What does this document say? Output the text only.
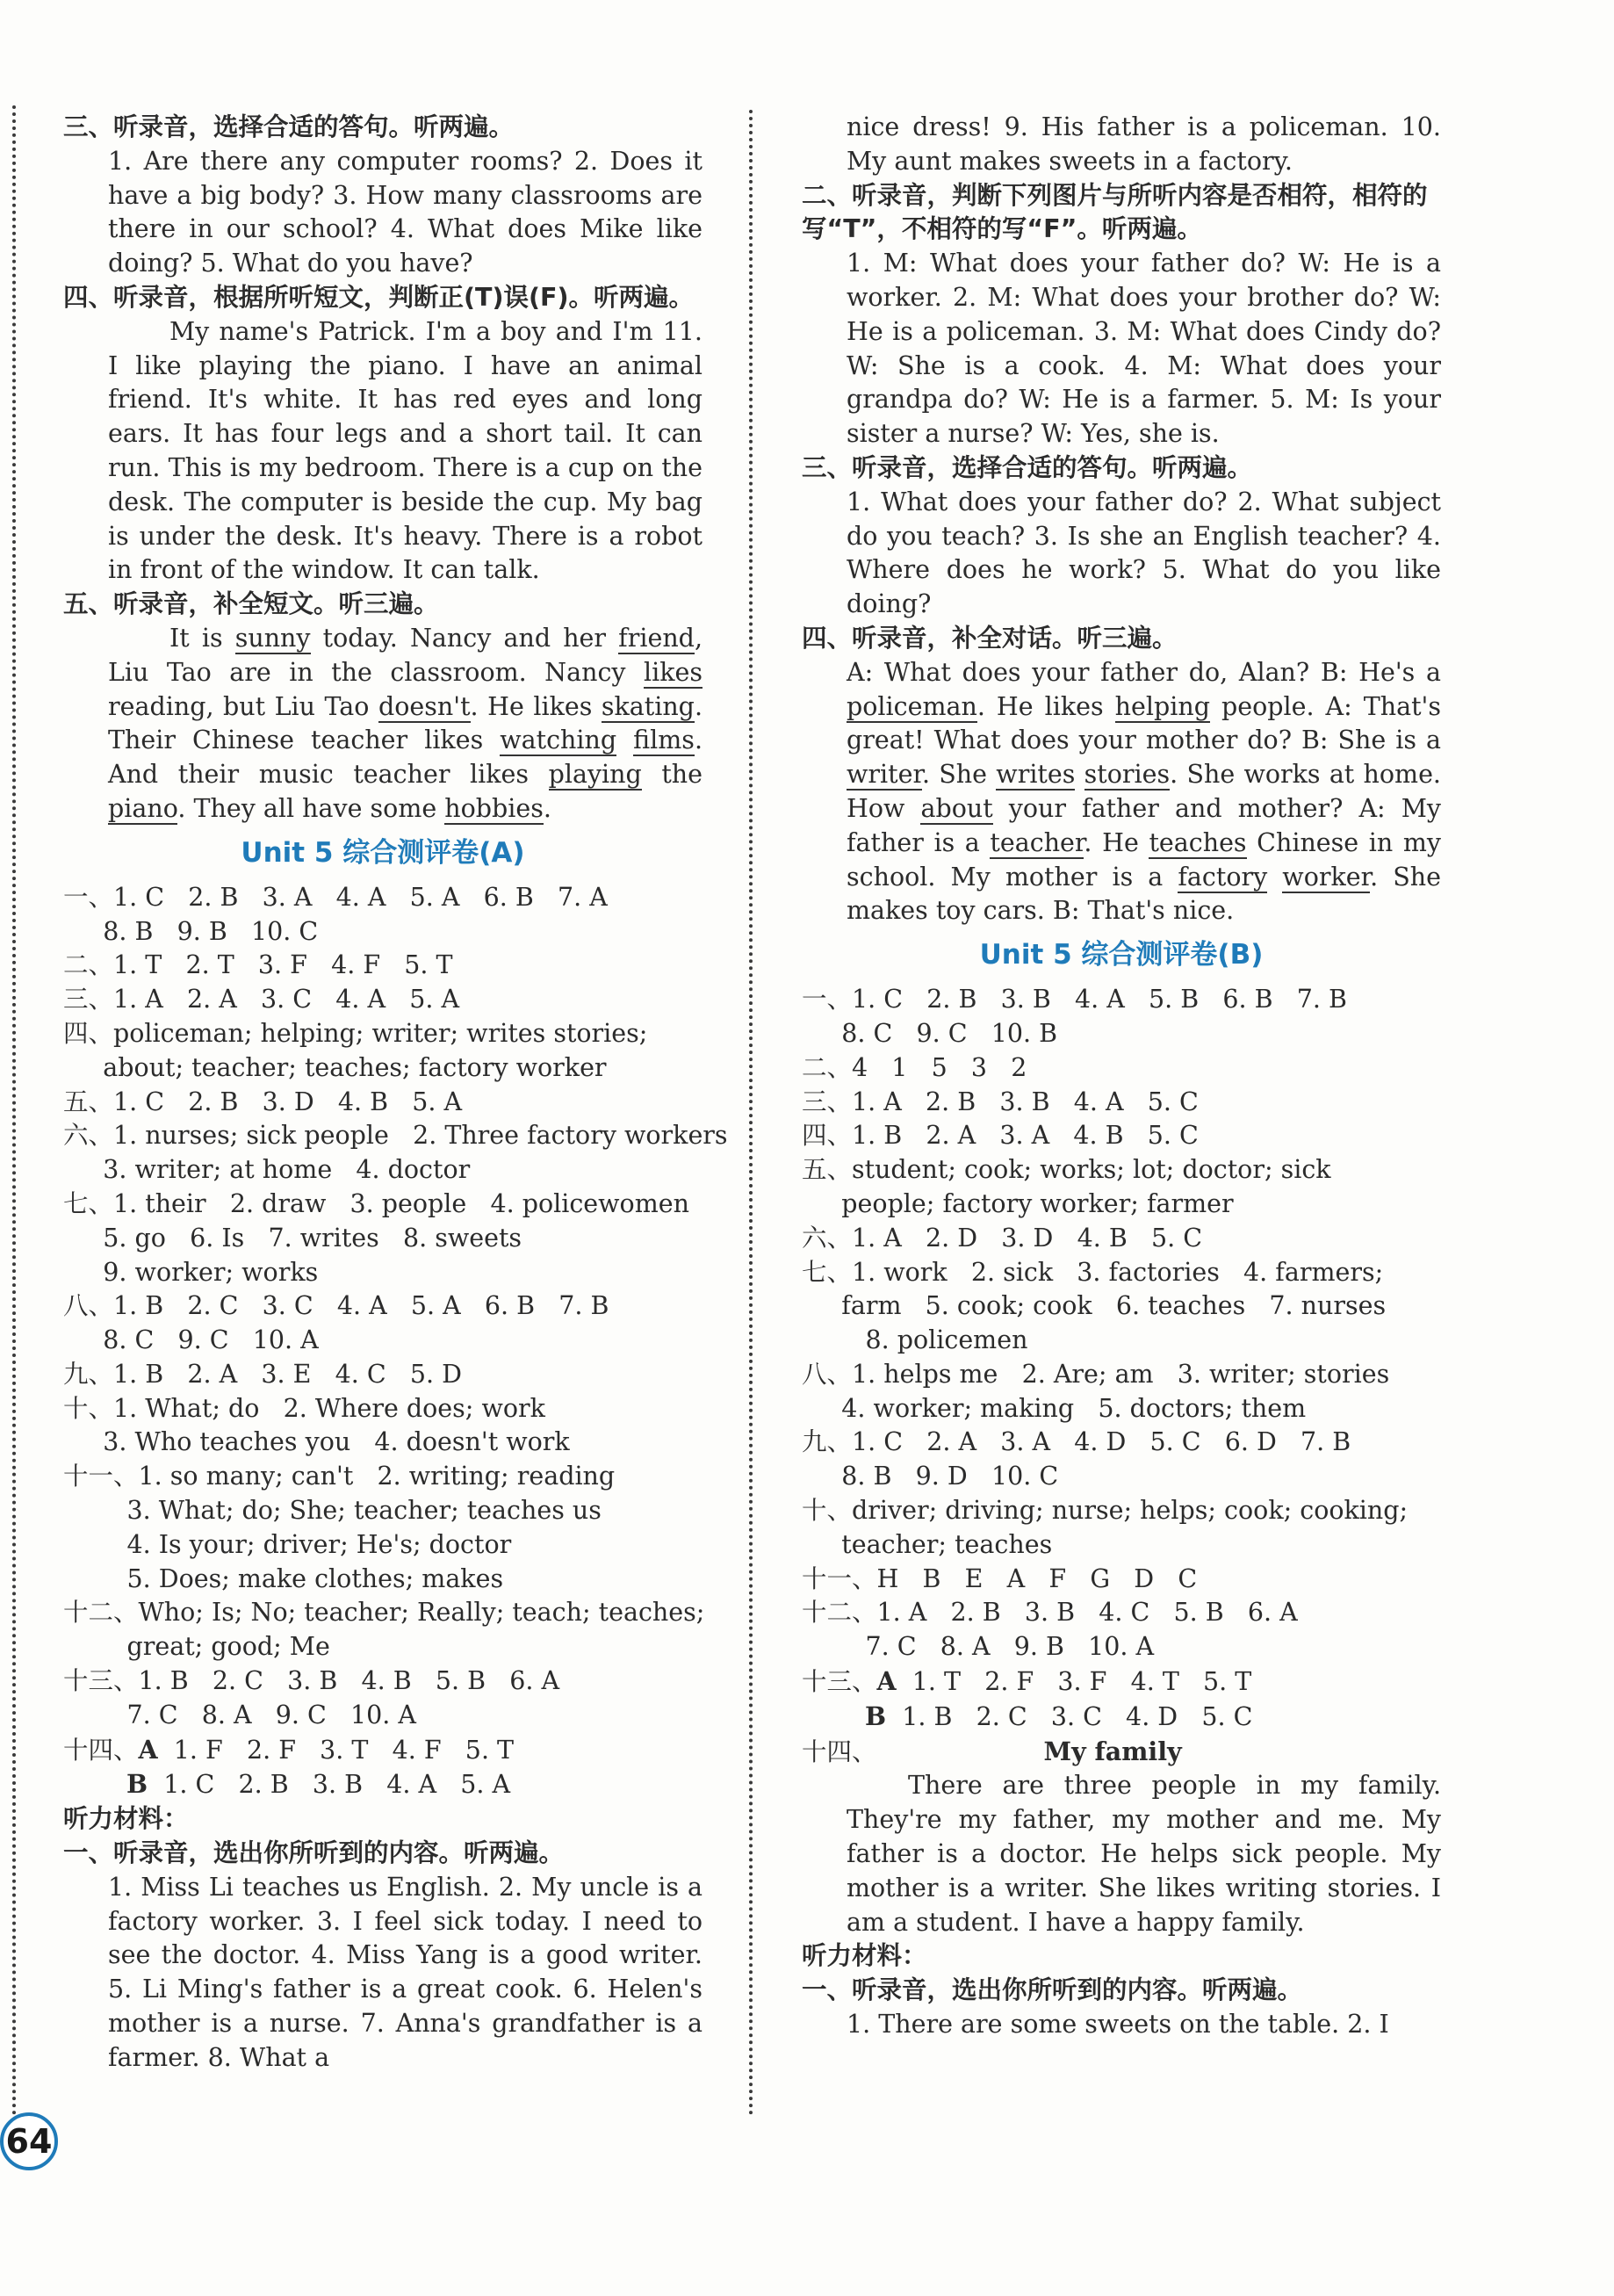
三、听录音，选择合适的答句。听两遍。

1. Are there any computer rooms? 2. Does it have a big body? 3. How many classrooms are there in our school? 4. What does Mike like doing? 5. What do you have?

四、听录音，根据所听短文，判断正(T)误(F)。听两遍。

My name's Patrick. I'm a boy and I'm 11. I like playing the piano. I have an animal friend. It's white. It has red eyes and long ears. It has four legs and a short tail. It can run. This is my bedroom. There is a cup on the desk. The computer is beside the cup. My bag is under the desk. It's heavy. There is a robot in front of the window. It can talk.

五、听录音，补全短文。听三遍。

It is sunny today. Nancy and her friend, Liu Tao are in the classroom. Nancy likes reading, but Liu Tao doesn't. He likes skating. Their Chinese teacher likes watching films. And their music teacher likes playing the piano. They all have some hobbies.

Unit 5 综合测评卷(A)

一、1. C   2. B   3. A   4. A   5. A   6. B   7. A

8. B   9. B   10. C

二、1. T   2. T   3. F   4. F   5. T

三、1. A   2. A   3. C   4. A   5. A

四、policeman; helping; writer; writes stories;

about; teacher; teaches; factory worker

五、1. C   2. B   3. D   4. B   5. A

六、1. nurses; sick people   2. Three factory workers

3. writer; at home   4. doctor

七、1. their   2. draw   3. people   4. policewomen

5. go   6. Is   7. writes   8. sweets

9. worker; works

八、1. B   2. C   3. C   4. A   5. A   6. B   7. B

8. C   9. C   10. A

九、1. B   2. A   3. E   4. C   5. D

十、1. What; do   2. Where does; work

3. Who teaches you   4. doesn't work

十一、1. so many; can't   2. writing; reading

3. What; do; She; teacher; teaches us

4. Is your; driver; He's; doctor

5. Does; make clothes; makes

十二、Who; Is; No; teacher; Really; teach; teaches;

great; good; Me

十三、1. B   2. C   3. B   4. B   5. B   6. A

7. C   8. A   9. C   10. A

十四、A  1. F   2. F   3. T   4. F   5. T

B  1. C   2. B   3. B   4. A   5. A

听力材料：
一、听录音，选出你所听到的内容。听两遍。

1. Miss Li teaches us English. 2. My uncle is a factory worker. 3. I feel sick today. I need to see the doctor. 4. Miss Yang is a good writer. 5. Li Ming's father is a great cook. 6. Helen's mother is a nurse. 7. Anna's grandfather is a farmer. 8. What a

nice dress! 9. His father is a policeman. 10. My aunt makes sweets in a factory.

二、听录音，判断下列图片与所听内容是否相符，相符的写“T”，不相符的写“F”。听两遍。

1. M: What does your father do? W: He is a worker. 2. M: What does your brother do? W: He is a policeman. 3. M: What does Cindy do? W: She is a cook. 4. M: What does your grandpa do? W: He is a farmer. 5. M: Is your sister a nurse? W: Yes, she is.

三、听录音，选择合适的答句。听两遍。

1. What does your father do? 2. What subject do you teach? 3. Is she an English teacher? 4. Where does he work? 5. What do you like doing?

四、听录音，补全对话。听三遍。

A: What does your father do, Alan? B: He's a policeman. He likes helping people. A: That's great! What does your mother do? B: She is a writer. She writes stories. She works at home. How about your father and mother? A: My father is a teacher. He teaches Chinese in my school. My mother is a factory worker. She makes toy cars. B: That's nice.

Unit 5 综合测评卷(B)

一、1. C   2. B   3. B   4. A   5. B   6. B   7. B

8. C   9. C   10. B

二、4   1   5   3   2

三、1. A   2. B   3. B   4. A   5. C

四、1. B   2. A   3. A   4. B   5. C

五、student; cook; works; lot; doctor; sick

people; factory worker; farmer

六、1. A   2. D   3. D   4. B   5. C

七、1. work   2. sick   3. factories   4. farmers;

farm   5. cook; cook   6. teaches   7. nurses

8. policemen

八、1. helps me   2. Are; am   3. writer; stories

4. worker; making   5. doctors; them

九、1. C   2. A   3. A   4. D   5. C   6. D   7. B

8. B   9. D   10. C

十、driver; driving; nurse; helps; cook; cooking;

teacher; teaches

十一、H   B   E   A   F   G   D   C

十二、1. A   2. B   3. B   4. C   5. B   6. A

7. C   8. A   9. B   10. A

十三、A  1. T   2. F   3. F   4. T   5. T

B  1. B   2. C   3. C   4. D   5. C

十四、	My family

There are three people in my family. They're my father, my mother and me. My father is a doctor. He helps sick people. My mother is a writer. She likes writing stories. I am a student. I have a happy family.

听力材料：
一、听录音，选出你所听到的内容。听两遍。

1. There are some sweets on the table. 2. I

64
